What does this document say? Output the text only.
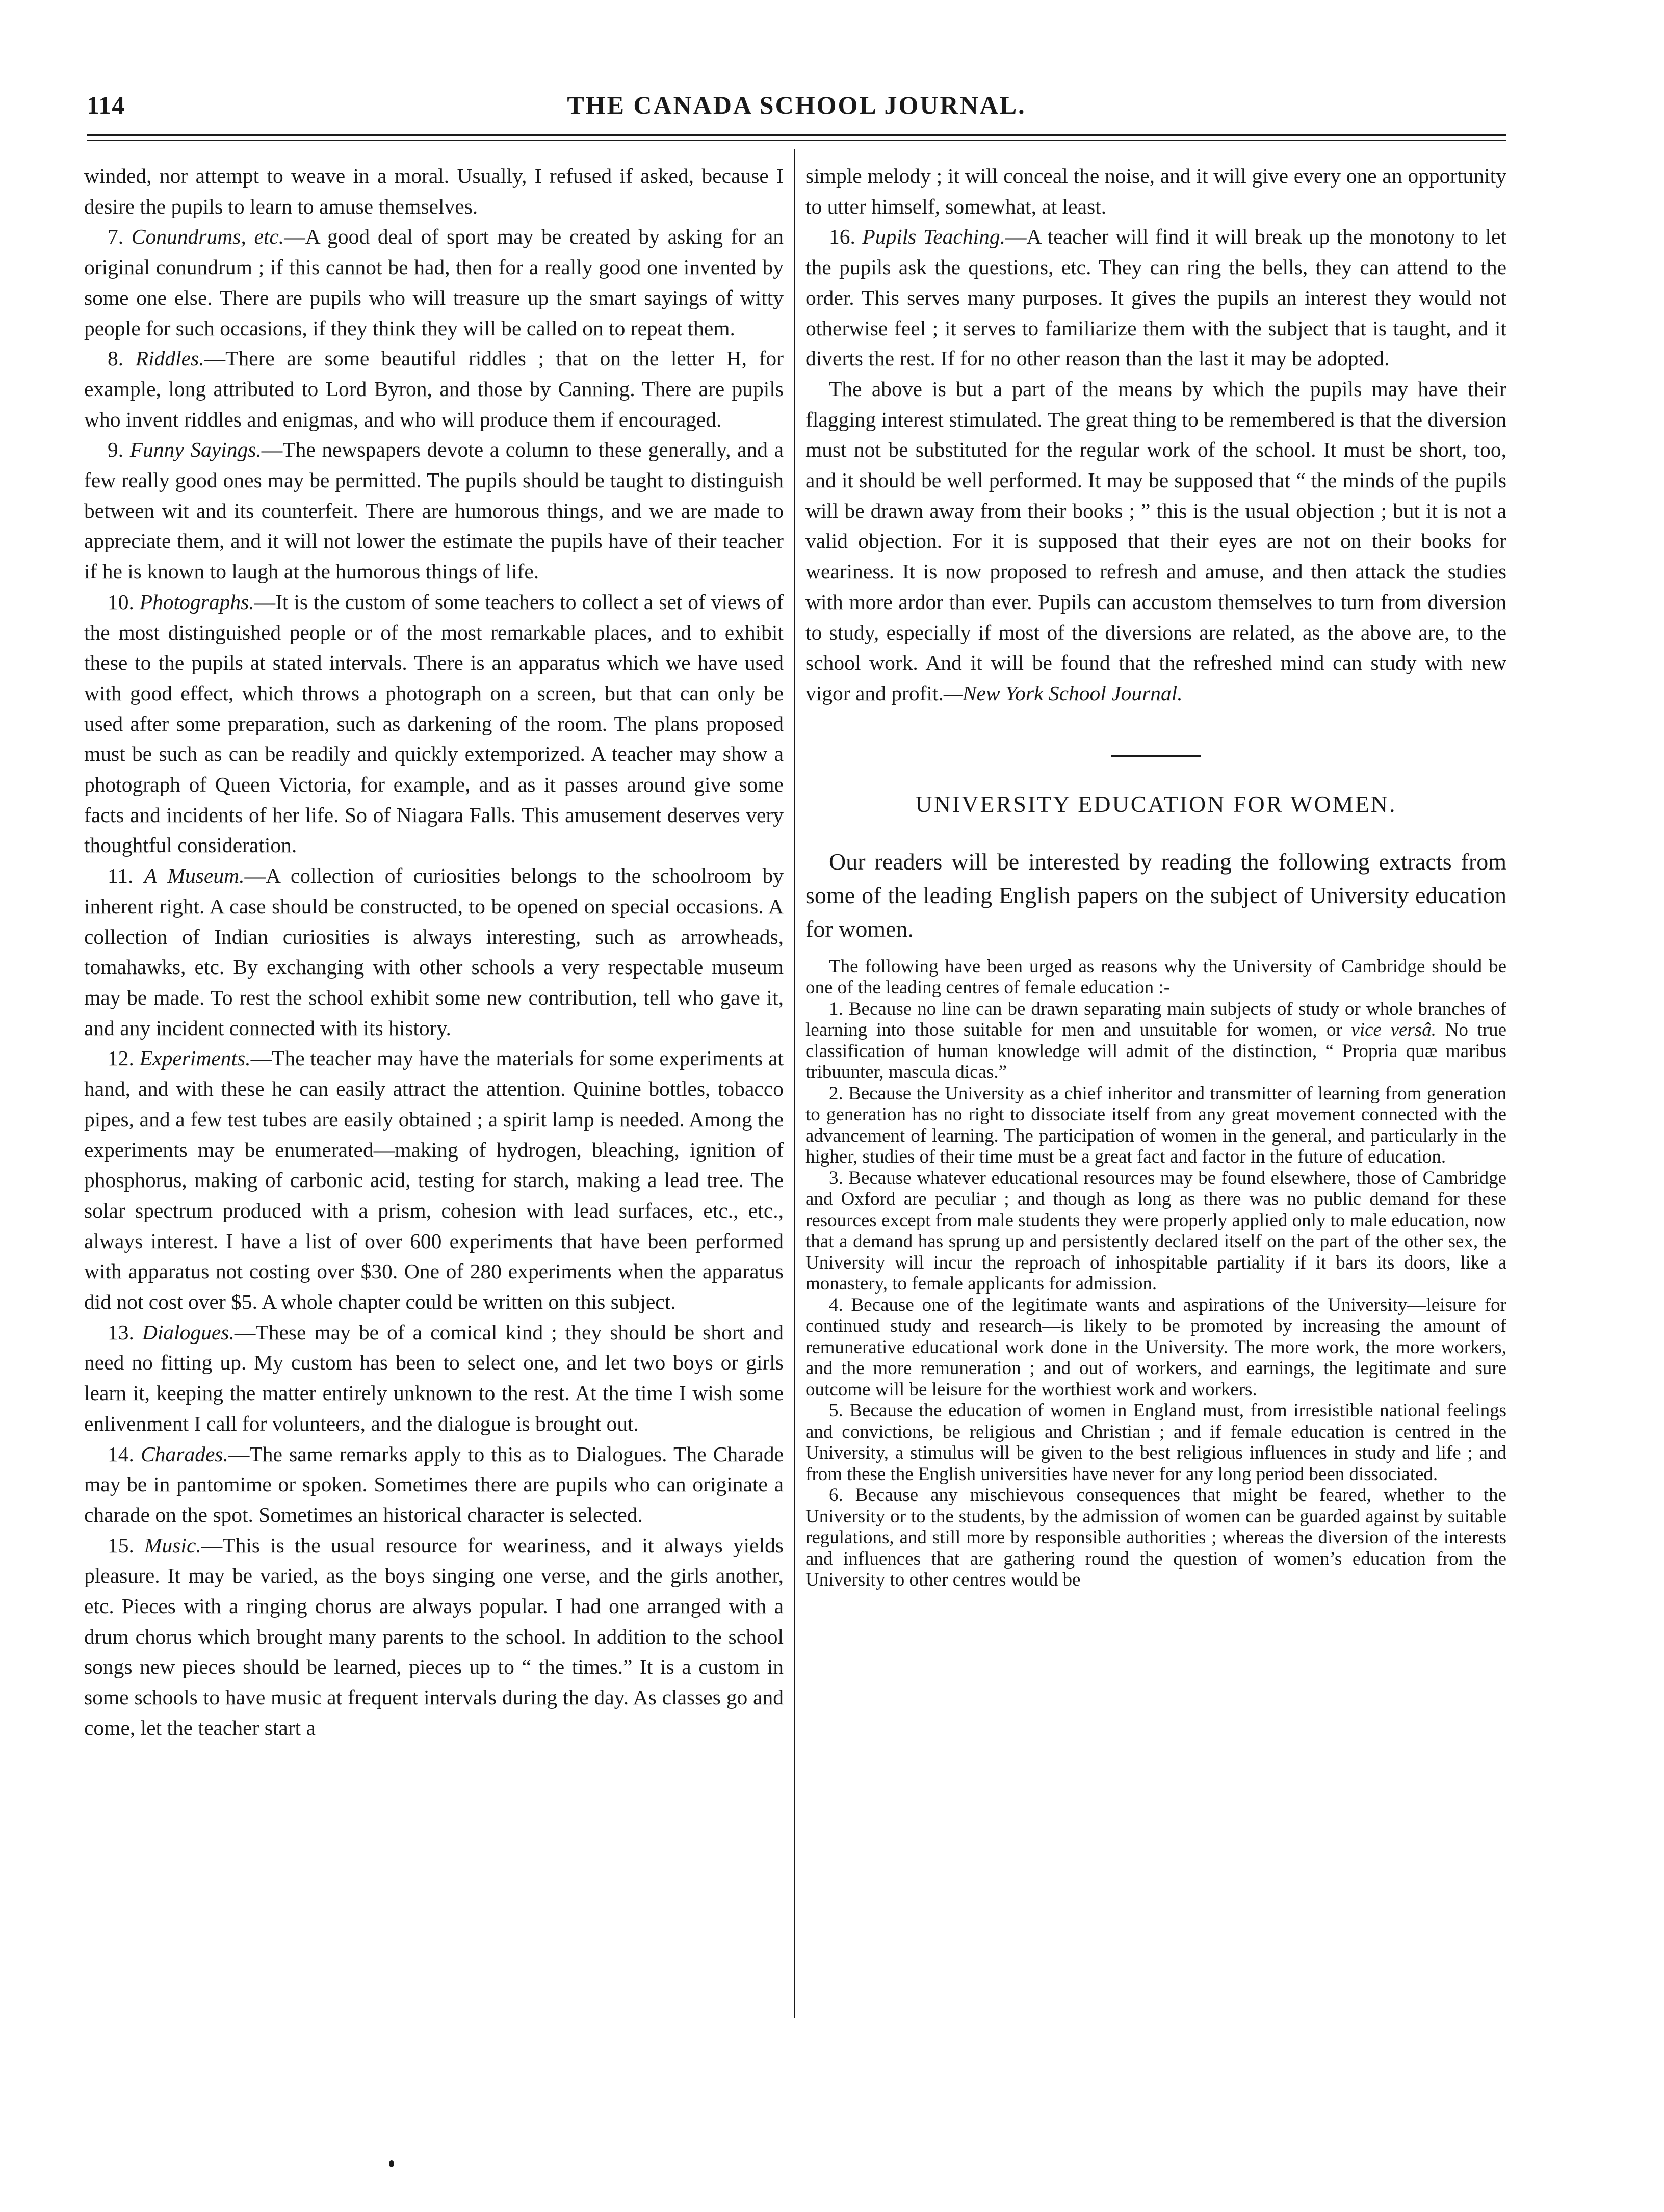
114	THE CANADA SCHOOL JOURNAL.

winded, nor attempt to weave in a moral. Usually, I refused if asked, because I desire the pupils to learn to amuse themselves.

7. Conundrums, etc.—A good deal of sport may be created by asking for an original conundrum ; if this cannot be had, then for a really good one invented by some one else. There are pupils who will treasure up the smart sayings of witty people for such occasions, if they think they will be called on to repeat them.

8. Riddles.—There are some beautiful riddles ; that on the letter H, for example, long attributed to Lord Byron, and those by Canning. There are pupils who invent riddles and enigmas, and who will produce them if encouraged.

9. Funny Sayings.—The newspapers devote a column to these generally, and a few really good ones may be permitted. The pupils should be taught to distinguish between wit and its counterfeit. There are humorous things, and we are made to appreciate them, and it will not lower the estimate the pupils have of their teacher if he is known to laugh at the humorous things of life.

10. Photographs.—It is the custom of some teachers to collect a set of views of the most distinguished people or of the most remarkable places, and to exhibit these to the pupils at stated intervals. There is an apparatus which we have used with good effect, which throws a photograph on a screen, but that can only be used after some preparation, such as darkening of the room. The plans proposed must be such as can be readily and quickly extemporized. A teacher may show a photograph of Queen Victoria, for example, and as it passes around give some facts and incidents of her life. So of Niagara Falls. This amusement deserves very thoughtful consideration.

11. A Museum.—A collection of curiosities belongs to the schoolroom by inherent right. A case should be constructed, to be opened on special occasions. A collection of Indian curiosities is always interesting, such as arrowheads, tomahawks, etc. By exchanging with other schools a very respectable museum may be made. To rest the school exhibit some new contribution, tell who gave it, and any incident connected with its history.

12. Experiments.—The teacher may have the materials for some experiments at hand, and with these he can easily attract the attention. Quinine bottles, tobacco pipes, and a few test tubes are easily obtained ; a spirit lamp is needed. Among the experiments may be enumerated—making of hydrogen, bleaching, ignition of phosphorus, making of carbonic acid, testing for starch, making a lead tree. The solar spectrum produced with a prism, cohesion with lead surfaces, etc., etc., always interest. I have a list of over 600 experiments that have been performed with apparatus not costing over $30. One of 280 experiments when the apparatus did not cost over $5. A whole chapter could be written on this subject.

13. Dialogues.—These may be of a comical kind ; they should be short and need no fitting up. My custom has been to select one, and let two boys or girls learn it, keeping the matter entirely unknown to the rest. At the time I wish some enlivenment I call for volunteers, and the dialogue is brought out.

14. Charades.—The same remarks apply to this as to Dialogues. The Charade may be in pantomime or spoken. Sometimes there are pupils who can originate a charade on the spot. Sometimes an historical character is selected.

15. Music.—This is the usual resource for weariness, and it always yields pleasure. It may be varied, as the boys singing one verse, and the girls another, etc. Pieces with a ringing chorus are always popular. I had one arranged with a drum chorus which brought many parents to the school. In addition to the school songs new pieces should be learned, pieces up to “ the times.” It is a custom in some schools to have music at frequent intervals during the day. As classes go and come, let the teacher start a

simple melody ; it will conceal the noise, and it will give every one an opportunity to utter himself, somewhat, at least.

16. Pupils Teaching.—A teacher will find it will break up the monotony to let the pupils ask the questions, etc. They can ring the bells, they can attend to the order. This serves many purposes. It gives the pupils an interest they would not otherwise feel ; it serves to familiarize them with the subject that is taught, and it diverts the rest. If for no other reason than the last it may be adopted.

The above is but a part of the means by which the pupils may have their flagging interest stimulated. The great thing to be remembered is that the diversion must not be substituted for the regular work of the school. It must be short, too, and it should be well performed. It may be supposed that “ the minds of the pupils will be drawn away from their books ; ” this is the usual objection ; but it is not a valid objection. For it is supposed that their eyes are not on their books for weariness. It is now proposed to refresh and amuse, and then attack the studies with more ardor than ever. Pupils can accustom themselves to turn from diversion to study, especially if most of the diversions are related, as the above are, to the school work. And it will be found that the refreshed mind can study with new vigor and profit.—New York School Journal.

UNIVERSITY EDUCATION FOR WOMEN.

Our readers will be interested by reading the following extracts from some of the leading English papers on the subject of University education for women.

The following have been urged as reasons why the University of Cambridge should be one of the leading centres of female education :-

1. Because no line can be drawn separating main subjects of study or whole branches of learning into those suitable for men and unsuitable for women, or vice versâ. No true classification of human knowledge will admit of the distinction, “ Propria quæ maribus tribuunter, mascula dicas.”

2. Because the University as a chief inheritor and transmitter of learning from generation to generation has no right to dissociate itself from any great movement connected with the advancement of learning. The participation of women in the general, and particularly in the higher, studies of their time must be a great fact and factor in the future of education.

3. Because whatever educational resources may be found elsewhere, those of Cambridge and Oxford are peculiar ; and though as long as there was no public demand for these resources except from male students they were properly applied only to male education, now that a demand has sprung up and persistently declared itself on the part of the other sex, the University will incur the reproach of inhospitable partiality if it bars its doors, like a monastery, to female applicants for admission.

4. Because one of the legitimate wants and aspirations of the University—leisure for continued study and research—is likely to be promoted by increasing the amount of remunerative educational work done in the University. The more work, the more workers, and the more remuneration ; and out of workers, and earnings, the legitimate and sure outcome will be leisure for the worthiest work and workers.

5. Because the education of women in England must, from irresistible national feelings and convictions, be religious and Christian ; and if female education is centred in the University, a stimulus will be given to the best religious influences in study and life ; and from these the English universities have never for any long period been dissociated.

6. Because any mischievous consequences that might be feared, whether to the University or to the students, by the admission of women can be guarded against by suitable regulations, and still more by responsible authorities ; whereas the diversion of the interests and influences that are gathering round the question of women’s education from the University to other centres would be
